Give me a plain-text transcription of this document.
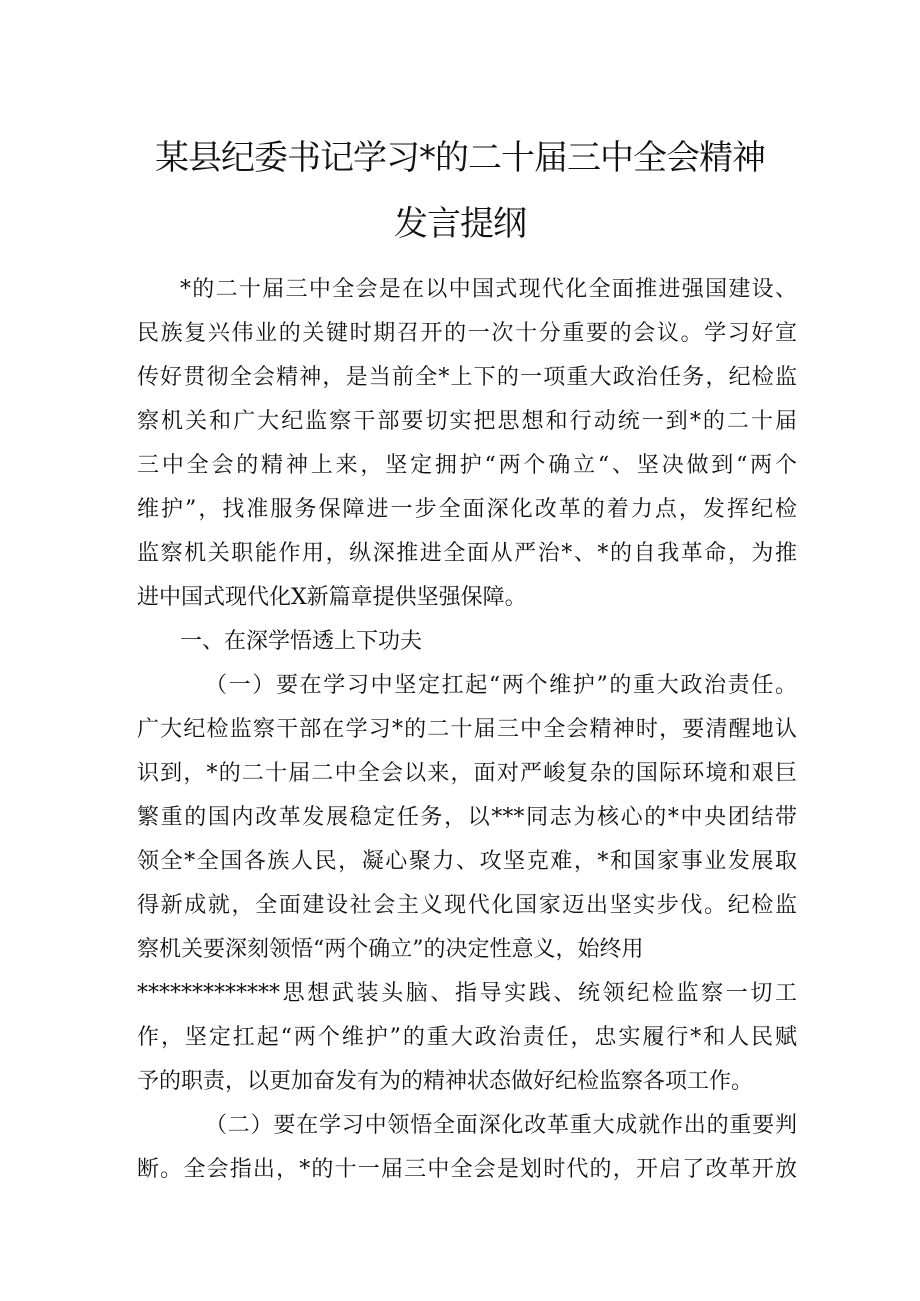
某县纪委书记学习*的二十届三中全会精神
发言提纲
*的二十届三中全会是在以中国式现代化全面推进强国建设、
民族复兴伟业的关键时期召开的一次十分重要的会议。学习好宣
传好贯彻全会精神，是当前全*上下的一项重大政治任务，纪检监
察机关和广大纪监察干部要切实把思想和行动统一到*的二十届
三中全会的精神上来，坚定拥护“两个确立“、坚决做到“两个
维护”，找准服务保障进一步全面深化改革的着力点，发挥纪检
监察机关职能作用，纵深推进全面从严治*、*的自我革命，为推
进中国式现代化X新篇章提供坚强保障。
一、在深学悟透上下功夫
（一）要在学习中坚定扛起“两个维护”的重大政治责任。
广大纪检监察干部在学习*的二十届三中全会精神时，要清醒地认
识到，*的二十届二中全会以来，面对严峻复杂的国际环境和艰巨
繁重的国内改革发展稳定任务，以***同志为核心的*中央团结带
领全*全国各族人民，凝心聚力、攻坚克难，*和国家事业发展取
得新成就，全面建设社会主义现代化国家迈出坚实步伐。纪检监
察机关要深刻领悟“两个确立”的决定性意义，始终用
*************思想武装头脑、指导实践、统领纪检监察一切工
作，坚定扛起“两个维护”的重大政治责任，忠实履行*和人民赋
予的职责，以更加奋发有为的精神状态做好纪检监察各项工作。
（二）要在学习中领悟全面深化改革重大成就作出的重要判
断。全会指出，*的十一届三中全会是划时代的，开启了改革开放
